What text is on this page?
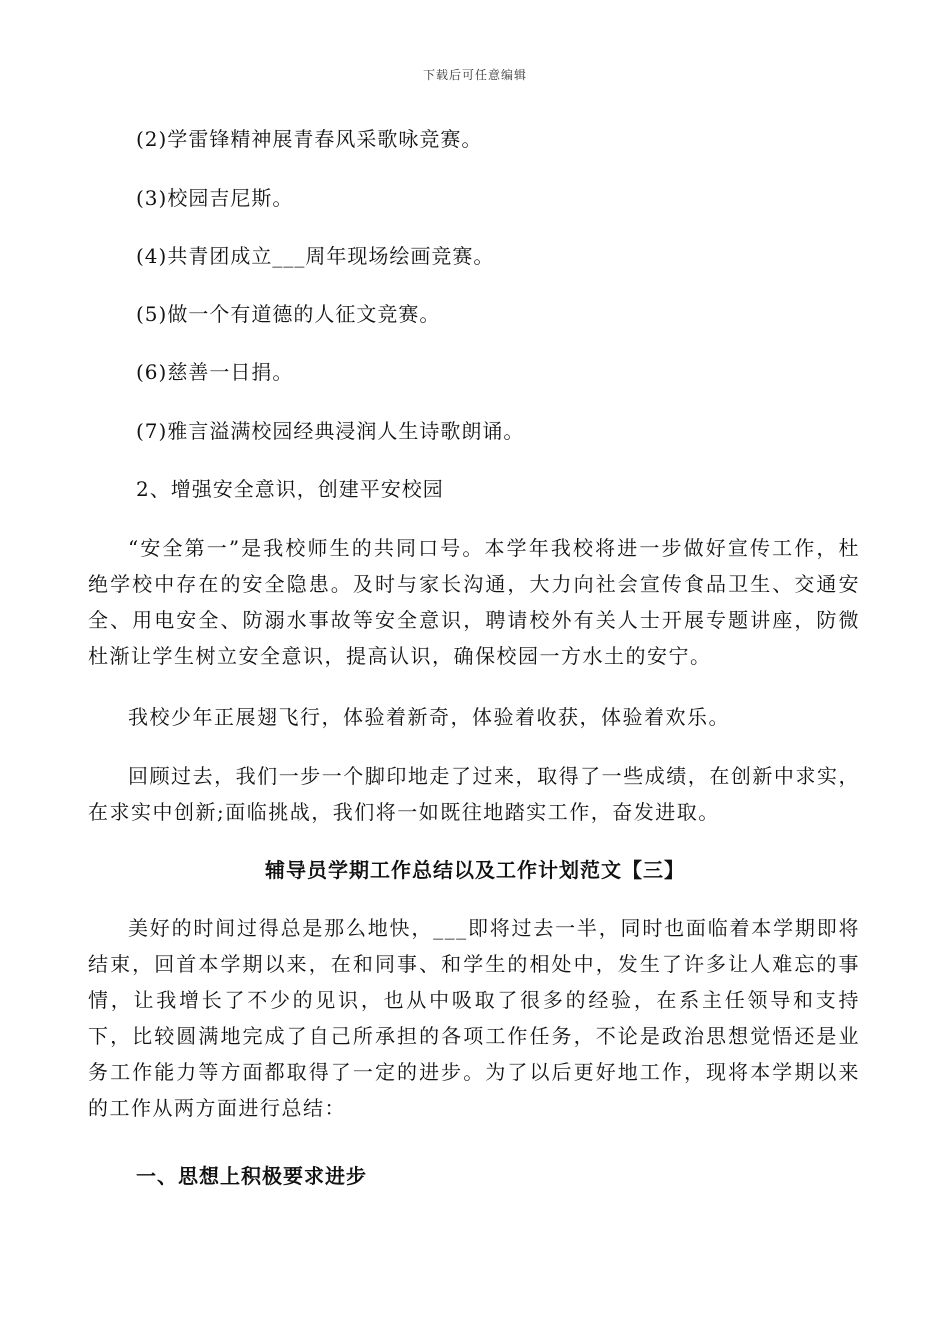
下载后可任意编辑
(2)学雷锋精神展青春风采歌咏竞赛。
(3)校园吉尼斯。
(4)共青团成立___周年现场绘画竞赛。
(5)做一个有道德的人征文竞赛。
(6)慈善一日捐。
(7)雅言溢满校园经典浸润人生诗歌朗诵。
2、增强安全意识，创建平安校园
“安全第一”是我校师生的共同口号。本学年我校将进一步做好宣传工作，杜绝学校中存在的安全隐患。及时与家长沟通，大力向社会宣传食品卫生、交通安全、用电安全、防溺水事故等安全意识，聘请校外有关人士开展专题讲座，防微杜渐让学生树立安全意识，提高认识，确保校园一方水土的安宁。
我校少年正展翅飞行，体验着新奇，体验着收获，体验着欢乐。
回顾过去，我们一步一个脚印地走了过来，取得了一些成绩，在创新中求实，在求实中创新;面临挑战，我们将一如既往地踏实工作，奋发进取。
辅导员学期工作总结以及工作计划范文【三】
美好的时间过得总是那么地快，___即将过去一半，同时也面临着本学期即将结束，回首本学期以来，在和同事、和学生的相处中，发生了许多让人难忘的事情，让我增长了不少的见识，也从中吸取了很多的经验，在系主任领导和支持下，比较圆满地完成了自己所承担的各项工作任务，不论是政治思想觉悟还是业务工作能力等方面都取得了一定的进步。为了以后更好地工作，现将本学期以来的工作从两方面进行总结：
一、思想上积极要求进步
